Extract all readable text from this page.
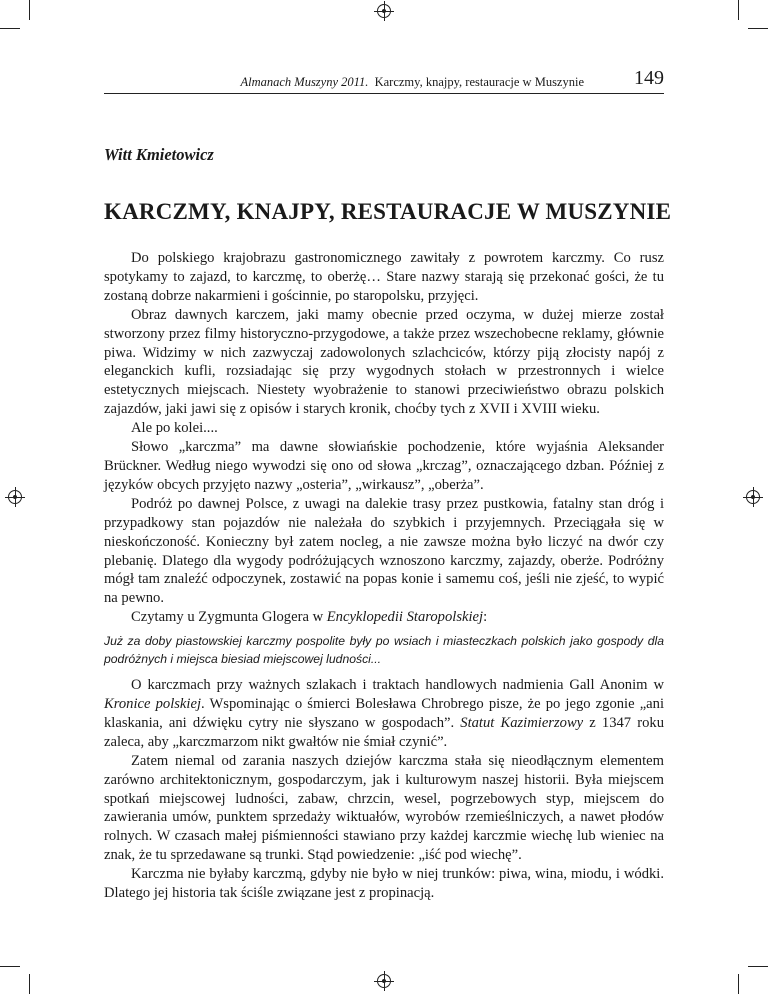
Almanach Muszyny 2011. Karczmy, knajpy, restauracje w Muszynie	149
Witt Kmietowicz
KARCZMY, KNAJPY, RESTAURACJE W MUSZYNIE

Do polskiego krajobrazu gastronomicznego zawitały z powrotem karczmy. Co rusz spotykamy to zajazd, to karczmę, to oberżę… Stare nazwy starają się przekonać gości, że tu zostaną dobrze nakarmieni i gościnnie, po staropolsku, przyjęci.

Obraz dawnych karczem, jaki mamy obecnie przed oczyma, w dużej mierze został stworzony przez filmy historyczno-przygodowe, a także przez wszechobecne reklamy, głównie piwa. Widzimy w nich zazwyczaj zadowolonych szlachciców, którzy piją złocisty napój z eleganckich kufli, rozsiadając się przy wygodnych stołach w przestronnych i wielce estetycznych miejscach. Niestety wyobrażenie to stanowi przeciwieństwo obrazu polskich zajazdów, jaki jawi się z opisów i starych kronik, choćby tych z XVII i XVIII wieku.

Ale po kolei....

Słowo „karczma” ma dawne słowiańskie pochodzenie, które wyjaśnia Aleksander Brückner. Według niego wywodzi się ono od słowa „krczag”, oznaczającego dzban. Później z języków obcych przyjęto nazwy „osteria”, „wirkausz”, „oberża”.

Podróż po dawnej Polsce, z uwagi na dalekie trasy przez pustkowia, fatalny stan dróg i przypadkowy stan pojazdów nie należała do szybkich i przyjemnych. Przeciągała się w nieskończoność. Konieczny był zatem nocleg, a nie zawsze można było liczyć na dwór czy plebanię. Dlatego dla wygody podróżujących wznoszono karczmy, zajazdy, oberże. Podróżny mógł tam znaleźć odpoczynek, zostawić na popas konie i samemu coś, jeśli nie zjeść, to wypić na pewno.

Czytamy u Zygmunta Glogera w Encyklopedii Staropolskiej:

Już za doby piastowskiej karczmy pospolite były po wsiach i miasteczkach polskich jako gospody dla podróżnych i miejsca biesiad miejscowej ludności...

O karczmach przy ważnych szlakach i traktach handlowych nadmienia Gall Anonim w Kronice polskiej. Wspominając o śmierci Bolesława Chrobrego pisze, że po jego zgonie „ani klaskania, ani dźwięku cytry nie słyszano w gospodach”. Statut Kazimierzowy z 1347 roku zaleca, aby „karczmarzom nikt gwałtów nie śmiał czynić”.

Zatem niemal od zarania naszych dziejów karczma stała się nieodłącznym elementem zarówno architektonicznym, gospodarczym, jak i kulturowym naszej historii. Była miejscem spotkań miejscowej ludności, zabaw, chrzcin, wesel, pogrzebowych styp, miejscem do zawierania umów, punktem sprzedaży wiktuałów, wyrobów rzemieślniczych, a nawet płodów rolnych. W czasach małej piśmienności stawiano przy każdej karczmie wiechę lub wieniec na znak, że tu sprzedawane są trunki. Stąd powiedzenie: „iść pod wiechę”.

Karczma nie byłaby karczmą, gdyby nie było w niej trunków: piwa, wina, miodu, i wódki. Dlatego jej historia tak ściśle związane jest z propinacją.
